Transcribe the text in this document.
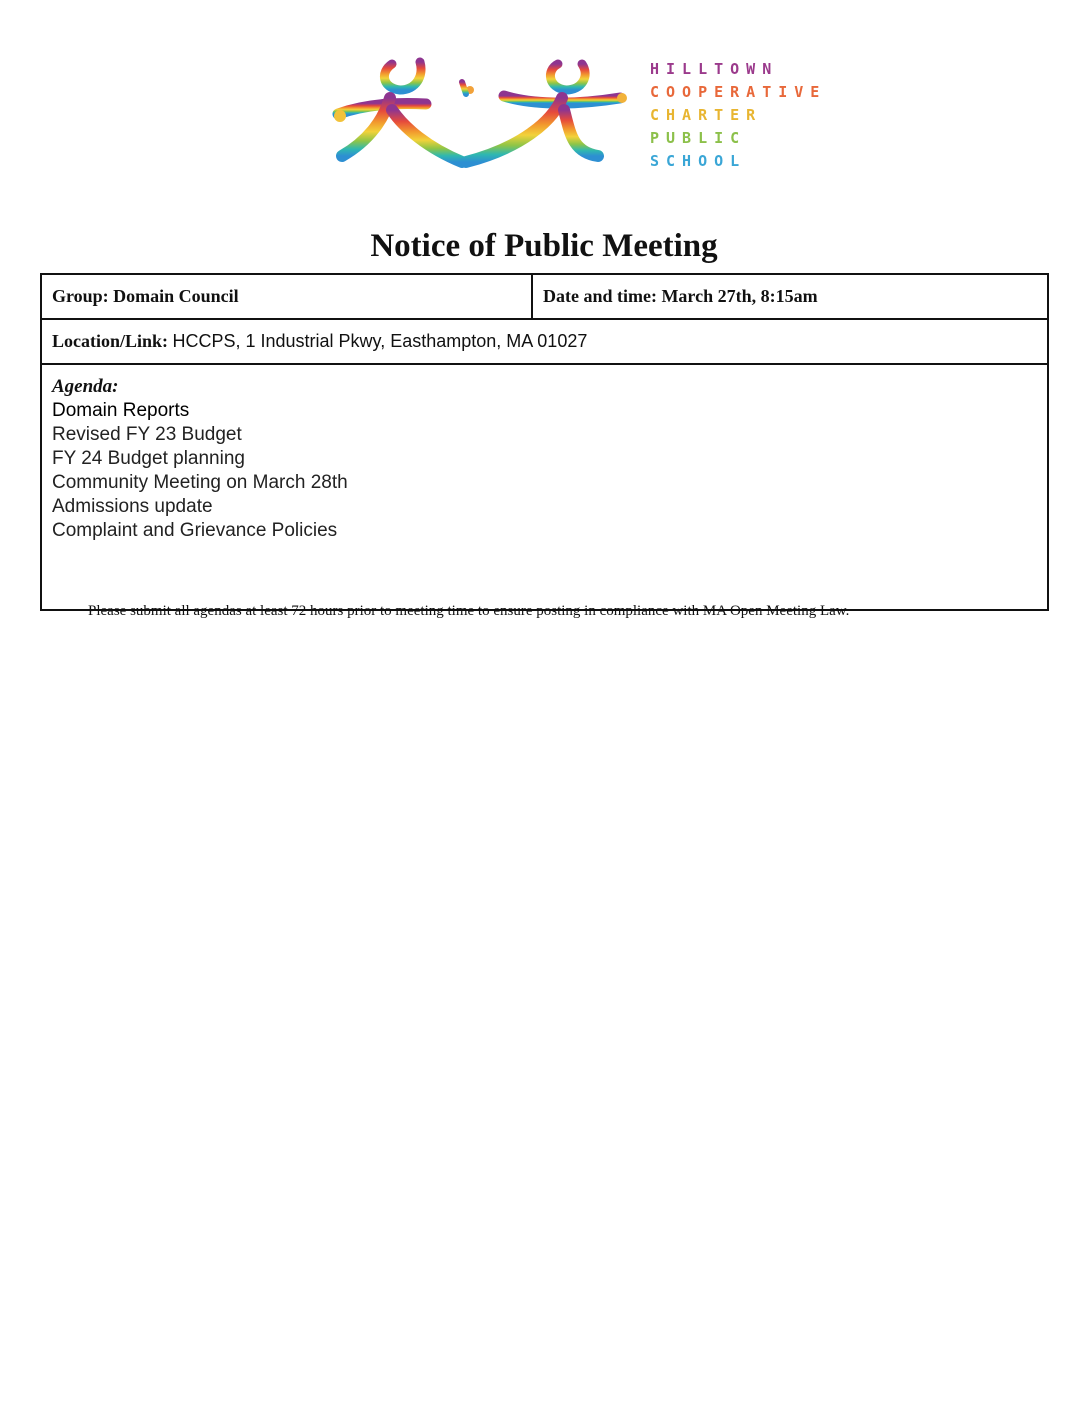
HILLTOWN
COOPERATIVE
CHARTER
PUBLIC
SCHOOL
Notice of Public Meeting
Group: Domain Council	Date and time: March 27th, 8:15am
Location/Link: HCCPS, 1 Industrial Pkwy, Easthampton, MA 01027

Agenda:
Domain Reports
Revised FY 23 Budget
FY 24 Budget planning
Community Meeting on March 28th
Admissions update
Complaint and Grievance Policies
Please submit all agendas at least 72 hours prior to meeting time to ensure posting in compliance with MA Open Meeting Law.
